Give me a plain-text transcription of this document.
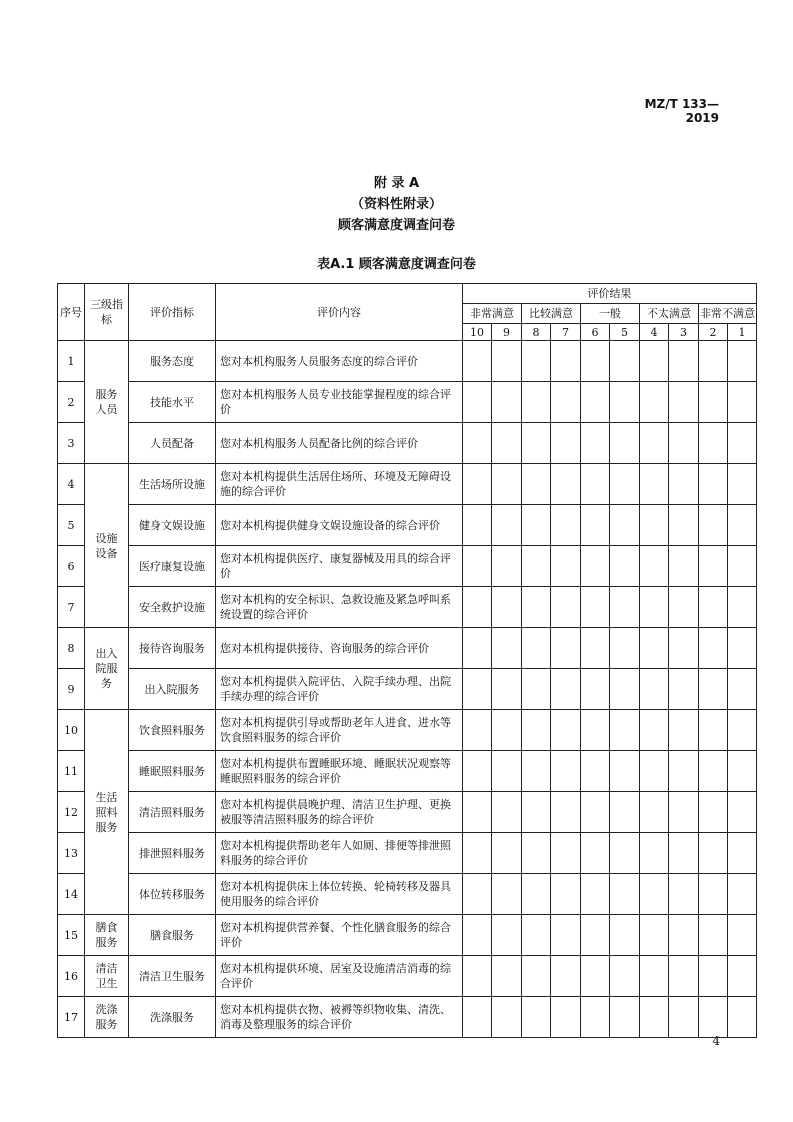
MZ/T 133—2019
附 录 A
（资料性附录）
顾客满意度调查问卷
表A.1 顾客满意度调查问卷
序号	三级指标	评价指标	评价内容	评价结果									
				非常满意		比较满意		一般		不太满意		非常不满意	
				10	9	8	7	6	5	4	3	2	1
1	服务人员	服务态度	您对本机构服务人员服务态度的综合评价										
2		技能水平	您对本机构服务人员专业技能掌握程度的综合评价										
3		人员配备	您对本机构服务人员配备比例的综合评价										
4	设施设备	生活场所设施	您对本机构提供生活居住场所、环境及无障碍设施的综合评价										
5		健身文娱设施	您对本机构提供健身文娱设施设备的综合评价										
6		医疗康复设施	您对本机构提供医疗、康复器械及用具的综合评价										
7		安全救护设施	您对本机构的安全标识、急救设施及紧急呼叫系统设置的综合评价										
8	出入院服务	接待咨询服务	您对本机构提供接待、咨询服务的综合评价										
9		出入院服务	您对本机构提供入院评估、入院手续办理、出院手续办理的综合评价										
10	生活照料服务	饮食照料服务	您对本机构提供引导或帮助老年人进食、进水等饮食照料服务的综合评价										
11		睡眠照料服务	您对本机构提供布置睡眠环境、睡眠状况观察等睡眠照料服务的综合评价										
12		清洁照料服务	您对本机构提供晨晚护理、清洁卫生护理、更换被服等清洁照料服务的综合评价										
13		排泄照料服务	您对本机构提供帮助老年人如厕、排便等排泄照料服务的综合评价										
14		体位转移服务	您对本机构提供床上体位转换、轮椅转移及器具使用服务的综合评价										
15	膳食服务	膳食服务	您对本机构提供营养餐、个性化膳食服务的综合评价										
16	清洁卫生	清洁卫生服务	您对本机构提供环境、居室及设施清洁消毒的综合评价										
17	洗涤服务	洗涤服务	您对本机构提供衣物、被褥等织物收集、清洗、消毒及整理服务的综合评价										
4
